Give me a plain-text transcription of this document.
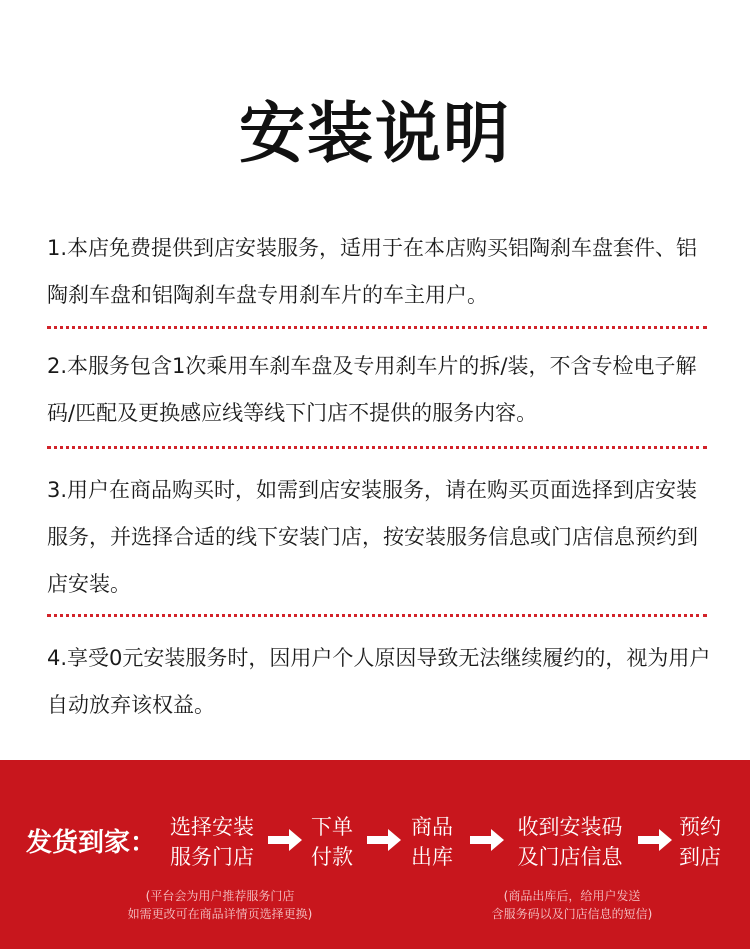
安装说明
1.本店免费提供到店安装服务，适用于在本店购买铝陶刹车盘套件、铝陶刹车盘和铝陶刹车盘专用刹车片的车主用户。
2.本服务包含1次乘用车刹车盘及专用刹车片的拆/装，不含专检电子解码/匹配及更换感应线等线下门店不提供的服务内容。
3.用户在商品购买时，如需到店安装服务，请在购买页面选择到店安装服务，并选择合适的线下安装门店，按安装服务信息或门店信息预约到店安装。
4.享受0元安装服务时，因用户个人原因导致无法继续履约的，视为用户自动放弃该权益。
发货到家：
选择安装
服务门店
下单
付款
商品
出库
收到安装码
及门店信息
预约
到店
(平台会为用户推荐服务门店
如需更改可在商品详情页选择更换)
(商品出库后，给用户发送
含服务码以及门店信息的短信)
